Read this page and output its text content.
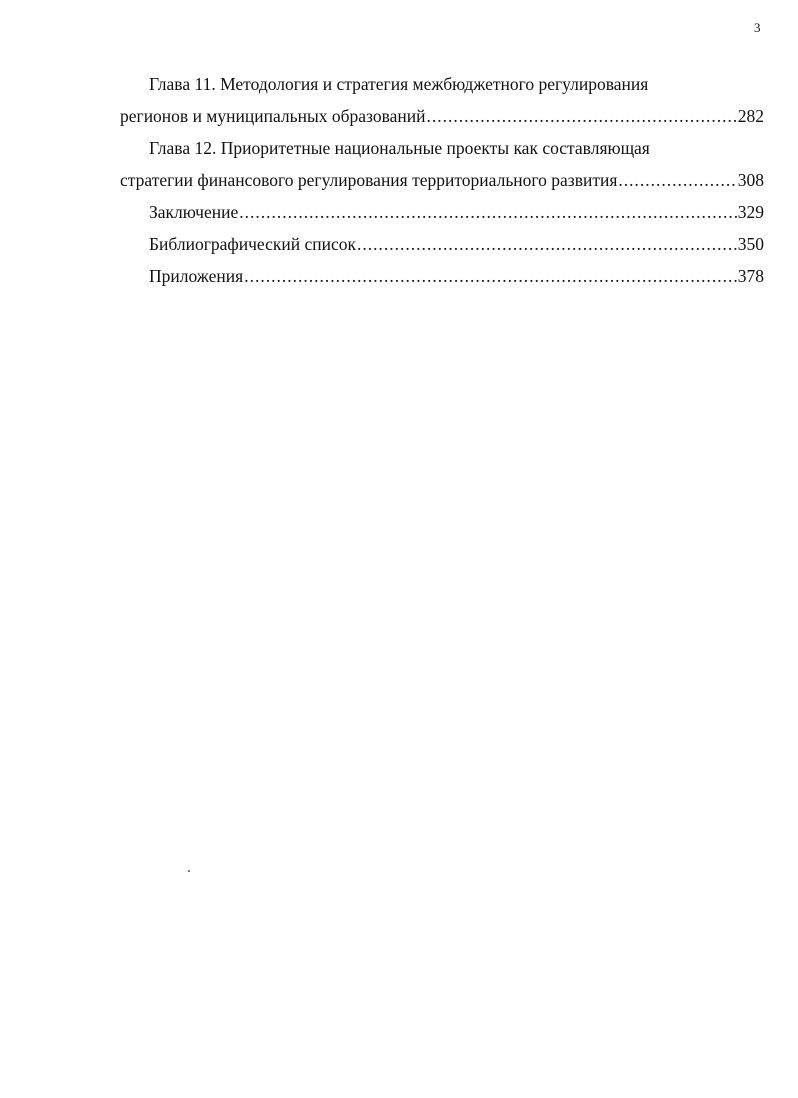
3
Глава 11. Методология и стратегия межбюджетного регулирования
регионов и муниципальных образований .....	282
Глава 12. Приоритетные национальные проекты как составляющая
стратегии финансового регулирования территориального развития .....	308
Заключение .....	329
Библиографический список .....	350
Приложения .....	378
